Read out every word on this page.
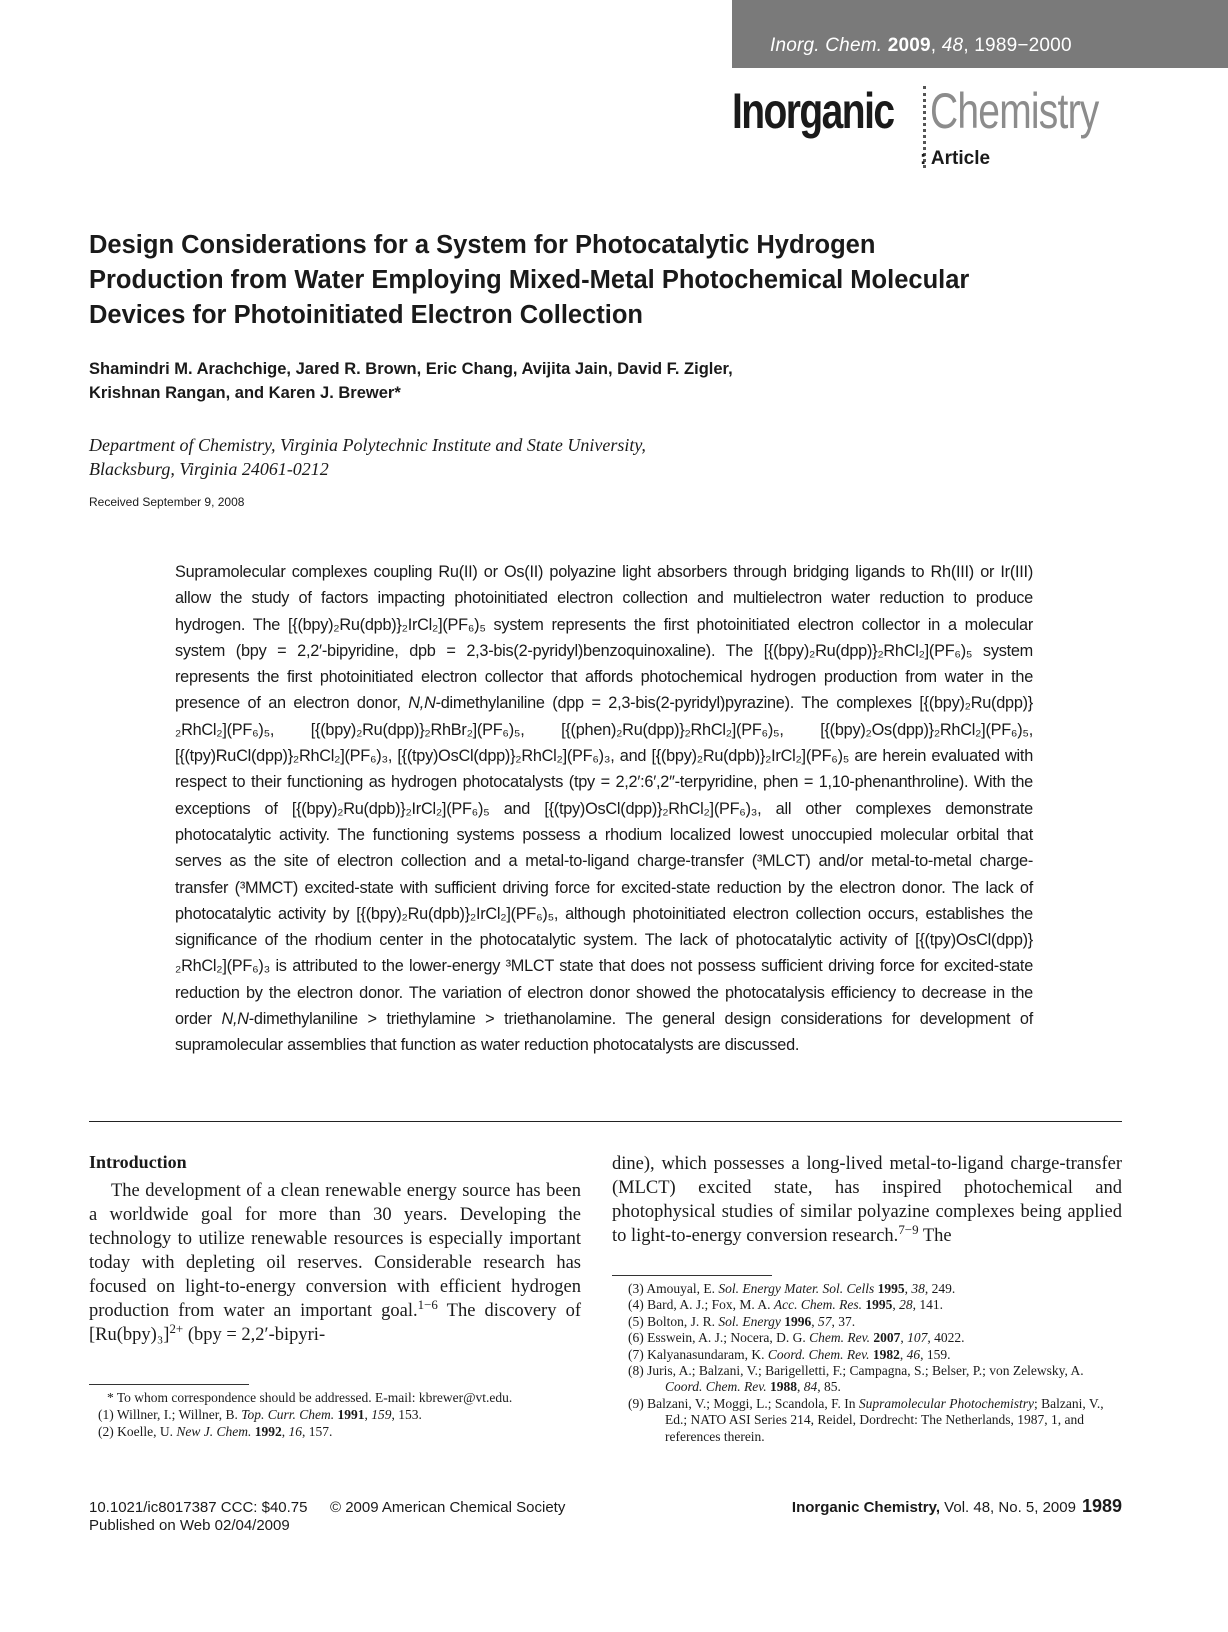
Inorg. Chem. 2009, 48, 1989−2000
Inorganic Chemistry
: Article
Design Considerations for a System for Photocatalytic Hydrogen
Production from Water Employing Mixed-Metal Photochemical Molecular
Devices for Photoinitiated Electron Collection
Shamindri M. Arachchige, Jared R. Brown, Eric Chang, Avijita Jain, David F. Zigler,
Krishnan Rangan, and Karen J. Brewer*
Department of Chemistry, Virginia Polytechnic Institute and State University,
Blacksburg, Virginia 24061-0212
Received September 9, 2008
Supramolecular complexes coupling Ru(II) or Os(II) polyazine light absorbers through bridging ligands to Rh(III) or Ir(III) allow the study of factors impacting photoinitiated electron collection and multielectron water reduction to produce hydrogen. The [{(bpy)₂Ru(dpb)}₂IrCl₂](PF₆)₅ system represents the first photoinitiated electron collector in a molecular system (bpy = 2,2′-bipyridine, dpb = 2,3-bis(2-pyridyl)benzoquinoxaline). The [{(bpy)₂Ru(dpp)}₂RhCl₂](PF₆)₅ system represents the first photoinitiated electron collector that affords photochemical hydrogen production from water in the presence of an electron donor, N,N-dimethylaniline (dpp = 2,3-bis(2-pyridyl)pyrazine). The complexes [{(bpy)₂Ru(dpp)}₂RhCl₂](PF₆)₅, [{(bpy)₂Ru(dpp)}₂RhBr₂](PF₆)₅, [{(phen)₂Ru(dpp)}₂RhCl₂](PF₆)₅, [{(bpy)₂Os(dpp)}₂RhCl₂](PF₆)₅, [{(tpy)RuCl(dpp)}₂RhCl₂](PF₆)₃, [{(tpy)OsCl(dpp)}₂RhCl₂](PF₆)₃, and [{(bpy)₂Ru(dpb)}₂IrCl₂](PF₆)₅ are herein evaluated with respect to their functioning as hydrogen photocatalysts (tpy = 2,2′:6′,2″-terpyridine, phen = 1,10-phenanthroline). With the exceptions of [{(bpy)₂Ru(dpb)}₂IrCl₂](PF₆)₅ and [{(tpy)OsCl(dpp)}₂RhCl₂](PF₆)₃, all other complexes demonstrate photocatalytic activity. The functioning systems possess a rhodium localized lowest unoccupied molecular orbital that serves as the site of electron collection and a metal-to-ligand charge-transfer (³MLCT) and/or metal-to-metal charge-transfer (³MMCT) excited-state with sufficient driving force for excited-state reduction by the electron donor. The lack of photocatalytic activity by [{(bpy)₂Ru(dpb)}₂IrCl₂](PF₆)₅, although photoinitiated electron collection occurs, establishes the significance of the rhodium center in the photocatalytic system. The lack of photocatalytic activity of [{(tpy)OsCl(dpp)}₂RhCl₂](PF₆)₃ is attributed to the lower-energy ³MLCT state that does not possess sufficient driving force for excited-state reduction by the electron donor. The variation of electron donor showed the photocatalysis efficiency to decrease in the order N,N-dimethylaniline > triethylamine > triethanolamine. The general design considerations for development of supramolecular assemblies that function as water reduction photocatalysts are discussed.
Introduction

The development of a clean renewable energy source has been a worldwide goal for more than 30 years. Developing the technology to utilize renewable resources is especially important today with depleting oil reserves. Considerable research has focused on light-to-energy conversion with efficient hydrogen production from water an important goal.$^{1-6}$ The discovery of $[Ru(bpy)_3]^{2+}$ (bpy = 2,2′-bipyri-

* To whom correspondence should be addressed. E-mail: kbrewer@vt.edu.

(1) Willner, I.; Willner, B. Top. Curr. Chem. 1991, 159, 153.

(2) Koelle, U. New J. Chem. 1992, 16, 157.

dine), which possesses a long-lived metal-to-ligand charge-transfer (MLCT) excited state, has inspired photochemical and photophysical studies of similar polyazine complexes being applied to light-to-energy conversion research.$^{7-9}$ The

(3) Amouyal, E. Sol. Energy Mater. Sol. Cells 1995, 38, 249.

(4) Bard, A. J.; Fox, M. A. Acc. Chem. Res. 1995, 28, 141.

(5) Bolton, J. R. Sol. Energy 1996, 57, 37.

(6) Esswein, A. J.; Nocera, D. G. Chem. Rev. 2007, 107, 4022.

(7) Kalyanasundaram, K. Coord. Chem. Rev. 1982, 46, 159.

(8) Juris, A.; Balzani, V.; Barigelletti, F.; Campagna, S.; Belser, P.; von Zelewsky, A. Coord. Chem. Rev. 1988, 84, 85.

(9) Balzani, V.; Moggi, L.; Scandola, F. In Supramolecular Photochemistry; Balzani, V., Ed.; NATO ASI Series 214, Reidel, Dordrecht: The Netherlands, 1987, 1, and references therein.

10.1021/ic8017387 CCC: $40.75
Published on Web 02/04/2009
© 2009 American Chemical Society	Inorganic Chemistry, Vol. 48, No. 5, 2009 1989
